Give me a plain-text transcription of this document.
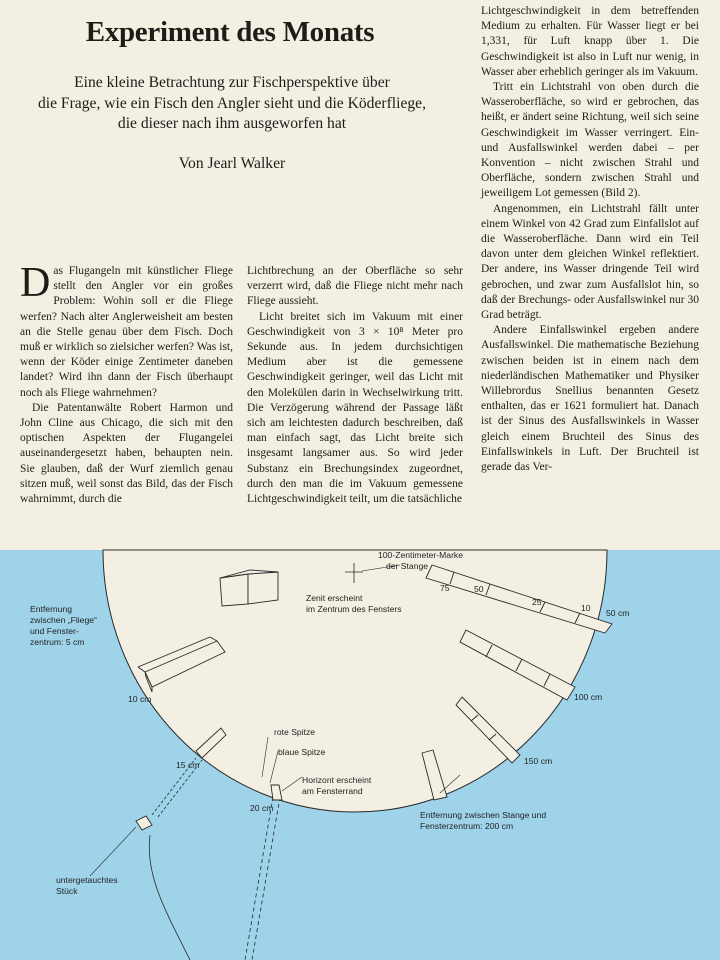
Experiment des Monats
Eine kleine Betrachtung zur Fischperspektive über
die Frage, wie ein Fisch den Angler sieht und die Köderfliege,
die dieser nach ihm ausgeworfen hat
Von Jearl Walker

Das Flugangeln mit künstlicher Fliege stellt den Angler vor ein großes Problem: Wohin soll er die Fliege werfen? Nach alter Anglerweisheit am besten an die Stelle genau über dem Fisch. Doch muß er wirklich so zielsicher werfen? Was ist, wenn der Köder einige Zentimeter daneben landet? Wird ihn dann der Fisch überhaupt noch als Fliege wahrnehmen?

Die Patentanwälte Robert Harmon und John Cline aus Chicago, die sich mit den optischen Aspekten der Flugangelei auseinandergesetzt haben, behaupten nein. Sie glauben, daß der Wurf ziemlich genau sitzen muß, weil sonst das Bild, das der Fisch wahrnimmt, durch die

Lichtbrechung an der Oberfläche so sehr verzerrt wird, daß die Fliege nicht mehr nach Fliege aussieht.

Licht breitet sich im Vakuum mit einer Geschwindigkeit von 3 × 10⁸ Meter pro Sekunde aus. In jedem durchsichtigen Medium aber ist die gemessene Geschwindigkeit geringer, weil das Licht mit den Molekülen darin in Wechselwirkung tritt. Die Verzögerung während der Passage läßt sich am leichtesten dadurch beschreiben, daß man einfach sagt, das Licht breite sich insgesamt langsamer aus. So wird jeder Substanz ein Brechungsindex zugeordnet, durch den man die im Vakuum gemessene Lichtgeschwindigkeit teilt, um die tatsächliche

Lichtgeschwindigkeit in dem betreffenden Medium zu erhalten. Für Wasser liegt er bei 1,331, für Luft knapp über 1. Die Geschwindigkeit ist also in Luft nur wenig, in Wasser aber erheblich geringer als im Vakuum.

Tritt ein Lichtstrahl von oben durch die Wasseroberfläche, so wird er gebrochen, das heißt, er ändert seine Richtung, weil sich seine Geschwindigkeit im Wasser verringert. Ein- und Ausfallswinkel werden dabei – per Konvention – nicht zwischen Strahl und Oberfläche, sondern zwischen Strahl und jeweiligem Lot gemessen (Bild 2).

Angenommen, ein Lichtstrahl fällt unter einem Winkel von 42 Grad zum Einfallslot auf die Wasseroberfläche. Dann wird ein Teil davon unter dem gleichen Winkel reflektiert. Der andere, ins Wasser dringende Teil wird gebrochen, und zwar zum Ausfallslot hin, so daß der Brechungs- oder Ausfallswinkel nur 30 Grad beträgt.

Andere Einfallswinkel ergeben andere Ausfallswinkel. Die mathematische Beziehung zwischen beiden ist in einem nach dem niederländischen Mathematiker und Physiker Willebrordus Snellius benannten Gesetz enthalten, das er 1621 formuliert hat. Danach ist der Sinus des Ausfallswinkels in Wasser gleich einem Bruchteil des Sinus des Einfallswinkels in Luft. Der Bruchteil ist gerade das Ver-

100-Zentimeter-Marke
der Stange
Zenit erscheint
im Zentrum des Fensters
Entfernung
zwischen „Fliege“
und Fenster-
zentrum: 5 cm
10 cm
15 cm
20 cm
rote Spitze
blaue Spitze
Horizont erscheint
am Fensterrand
75	50
25
10 50 cm
100 cm
150 cm
Entfernung zwischen Stange und
Fensterzentrum: 200 cm
untergetauchtes
Stück
